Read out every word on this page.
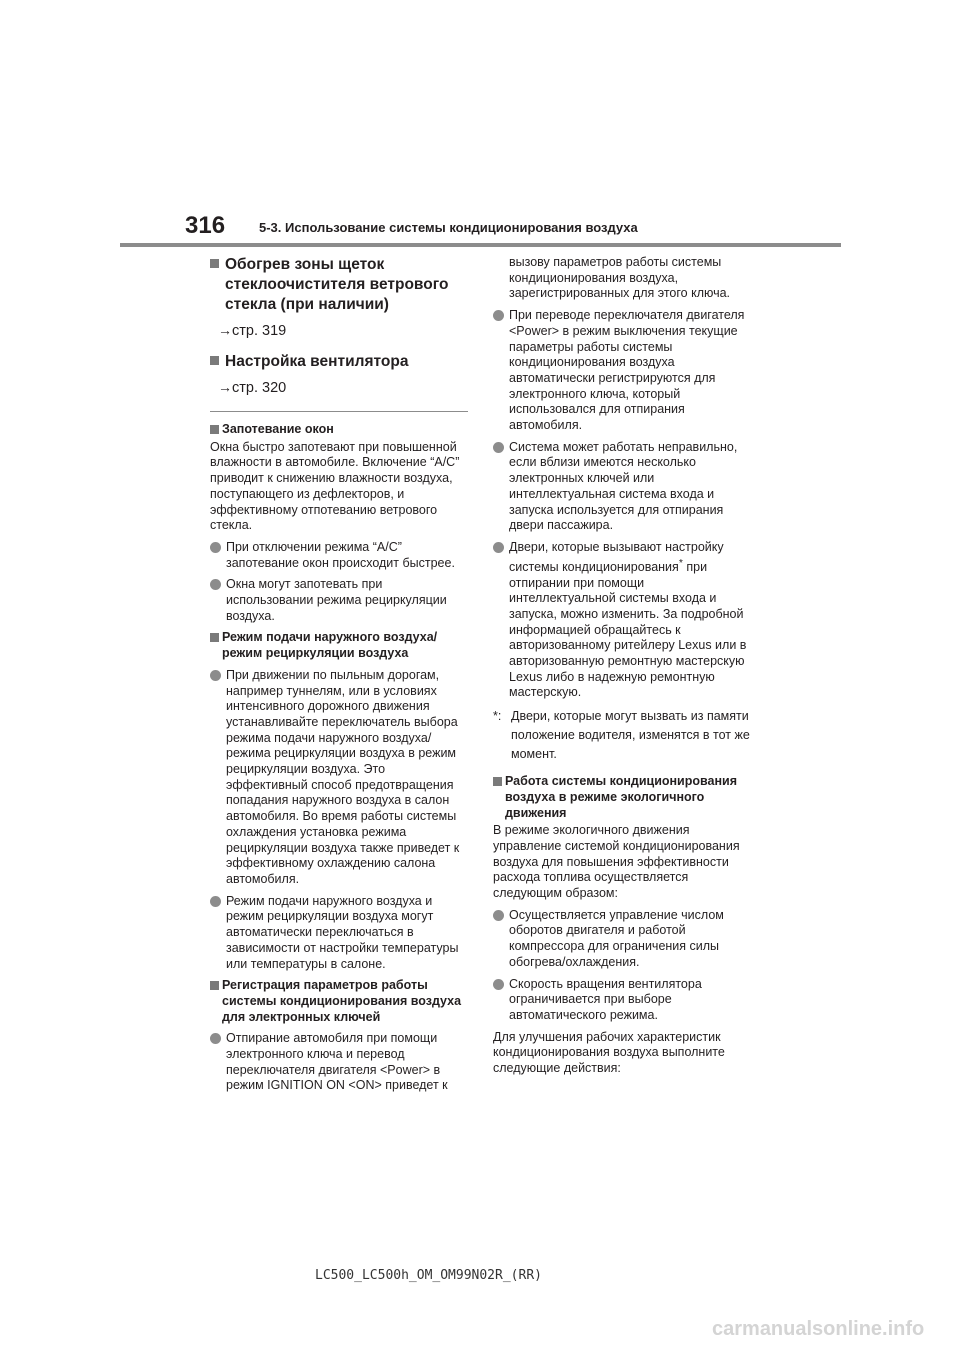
316	5-3. Использование системы кондиционирования воздуха
Обогрев зоны щеток стеклоочистителя ветрового стекла (при наличии)

→стр. 319

Настройка вентилятора

→стр. 320

Запотевание окон

Окна быстро запотевают при повышенной влажности в автомобиле. Включение “A/C” приводит к снижению влажности воздуха, поступающего из дефлекторов, и эффективному отпотеванию ветрового стекла.

При отключении режима “A/C” запотевание окон происходит быстрее.
Окна могут запотевать при использовании режима рециркуляции воздуха.
Режим подачи наружного воздуха/режим рециркуляции воздуха
При движении по пыльным дорогам, например туннелям, или в условиях интенсивного дорожного движения устанавливайте переключатель выбора режима подачи наружного воздуха/режима рециркуляции воздуха в режим рециркуляции воздуха. Это эффективный способ предотвращения попадания наружного воздуха в салон автомобиля. Во время работы системы охлаждения установка режима рециркуляции воздуха также приведет к эффективному охлаждению салона автомобиля.
Режим подачи наружного воздуха и режим рециркуляции воздуха могут автоматически переключаться в зависимости от настройки температуры или температуры в салоне.
Регистрация параметров работы системы кондиционирования воздуха для электронных ключей
Отпирание автомобиля при помощи электронного ключа и перевод переключателя двигателя <Power> в режим IGNITION ON <ON> приведет к

вызову параметров работы системы кондиционирования воздуха, зарегистрированных для этого ключа.

При переводе переключателя двигателя <Power> в режим выключения текущие параметры работы системы кондиционирования воздуха автоматически регистрируются для электронного ключа, который использовался для отпирания автомобиля.
Система может работать неправильно, если вблизи имеются несколько электронных ключей или интеллектуальная система входа и запуска используется для отпирания двери пассажира.
Двери, которые вызывают настройку системы кондиционирования* при отпирании при помощи интеллектуальной системы входа и запуска, можно изменить. За подробной информацией обращайтесь к авторизованному ритейлеру Lexus или в авторизованную ремонтную мастерскую Lexus либо в надежную ремонтную мастерскую.
*: Двери, которые могут вызвать из памяти положение водителя, изменятся в тот же момент.
Работа системы кондиционирования воздуха в режиме экологичного движения

В режиме экологичного движения управление системой кондиционирования воздуха для повышения эффективности расхода топлива осуществляется следующим образом:

Осуществляется управление числом оборотов двигателя и работой компрессора для ограничения силы обогрева/охлаждения.
Скорость вращения вентилятора ограничивается при выборе автоматического режима.

Для улучшения рабочих характеристик кондиционирования воздуха выполните следующие действия:

LC500_LC500h_OM_OM99N02R_(RR)
carmanualsonline.info
